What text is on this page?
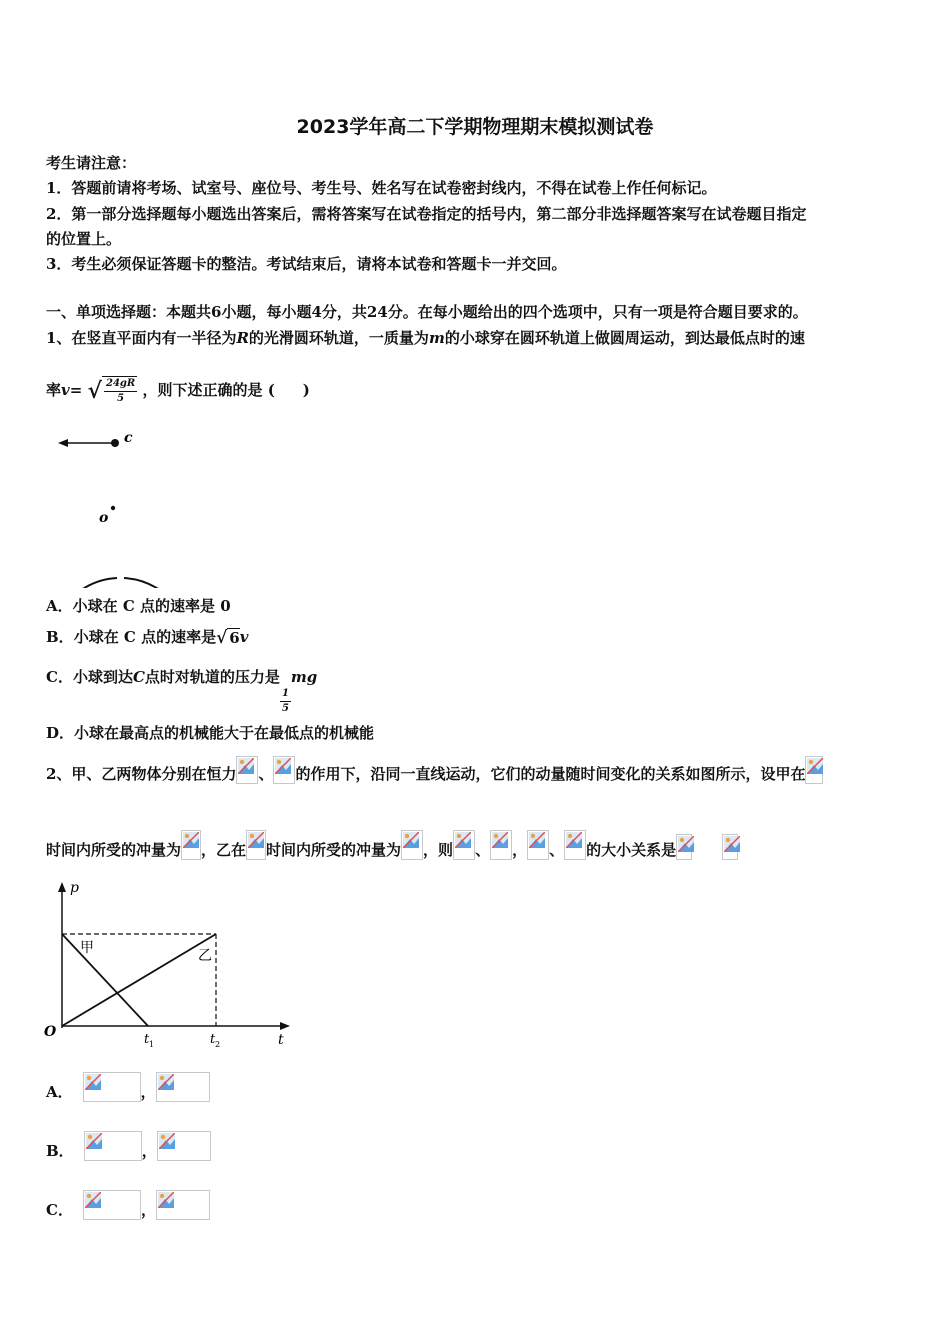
2023学年高二下学期物理期末模拟测试卷
考生请注意：
1．答题前请将考场、试室号、座位号、考生号、姓名写在试卷密封线内，不得在试卷上作任何标记。
2．第一部分选择题每小题选出答案后，需将答案写在试卷指定的括号内，第二部分非选择题答案写在试卷题目指定
的位置上。
3．考生必须保证答题卡的整洁。考试结束后，请将本试卷和答题卡一并交回。
一、单项选择题：本题共6小题，每小题4分，共24分。在每小题给出的四个选项中，只有一项是符合题目要求的。
1、在竖直平面内有一半径为R的光滑圆环轨道，一质量为m的小球穿在圆环轨道上做圆周运动，到达最低点时的速
率v= √ $\frac{24gR}{5}$ ，则下述正确的是 ( )
c
o
A．小球在 C 点的速率是 0
B．小球在 C 点的速率是 √ 6 v
C．小球到达C点时对轨道的压力是
$\frac{1}{5}$
mg
D．小球在最高点的机械能大于在最低点的机械能
2、甲、乙两物体分别在恒力 、 的作用下，沿同一直线运动，它们的动量随时间变化的关系如图所示，设甲在
时间内所受的冲量为 ，乙在 时间内所受的冲量为 ，则 、 ， 、 的大小关系是
p
t
O
甲	乙
t 1	t 2
A．	，
B．	，
C．	，
